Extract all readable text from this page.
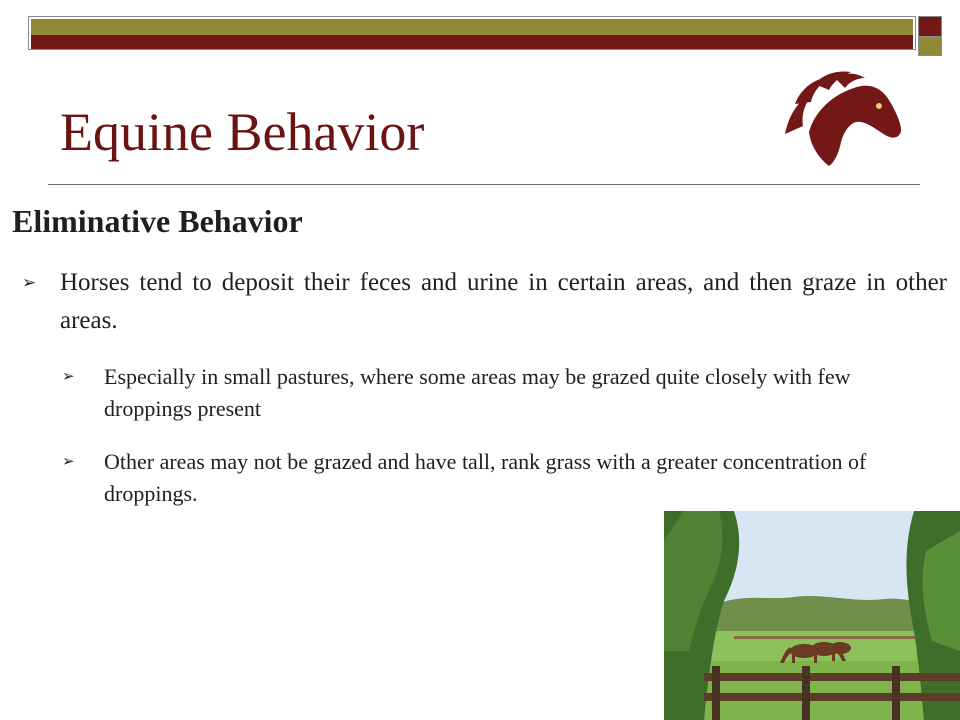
Equine Behavior
Eliminative Behavior
➢ Horses tend to deposit their feces and urine in certain areas, and then graze in other areas.
➢ Especially in small pastures, where some areas may be grazed quite closely with few droppings present
➢ Other areas may not be grazed and have tall, rank grass with a greater concentration of droppings.
